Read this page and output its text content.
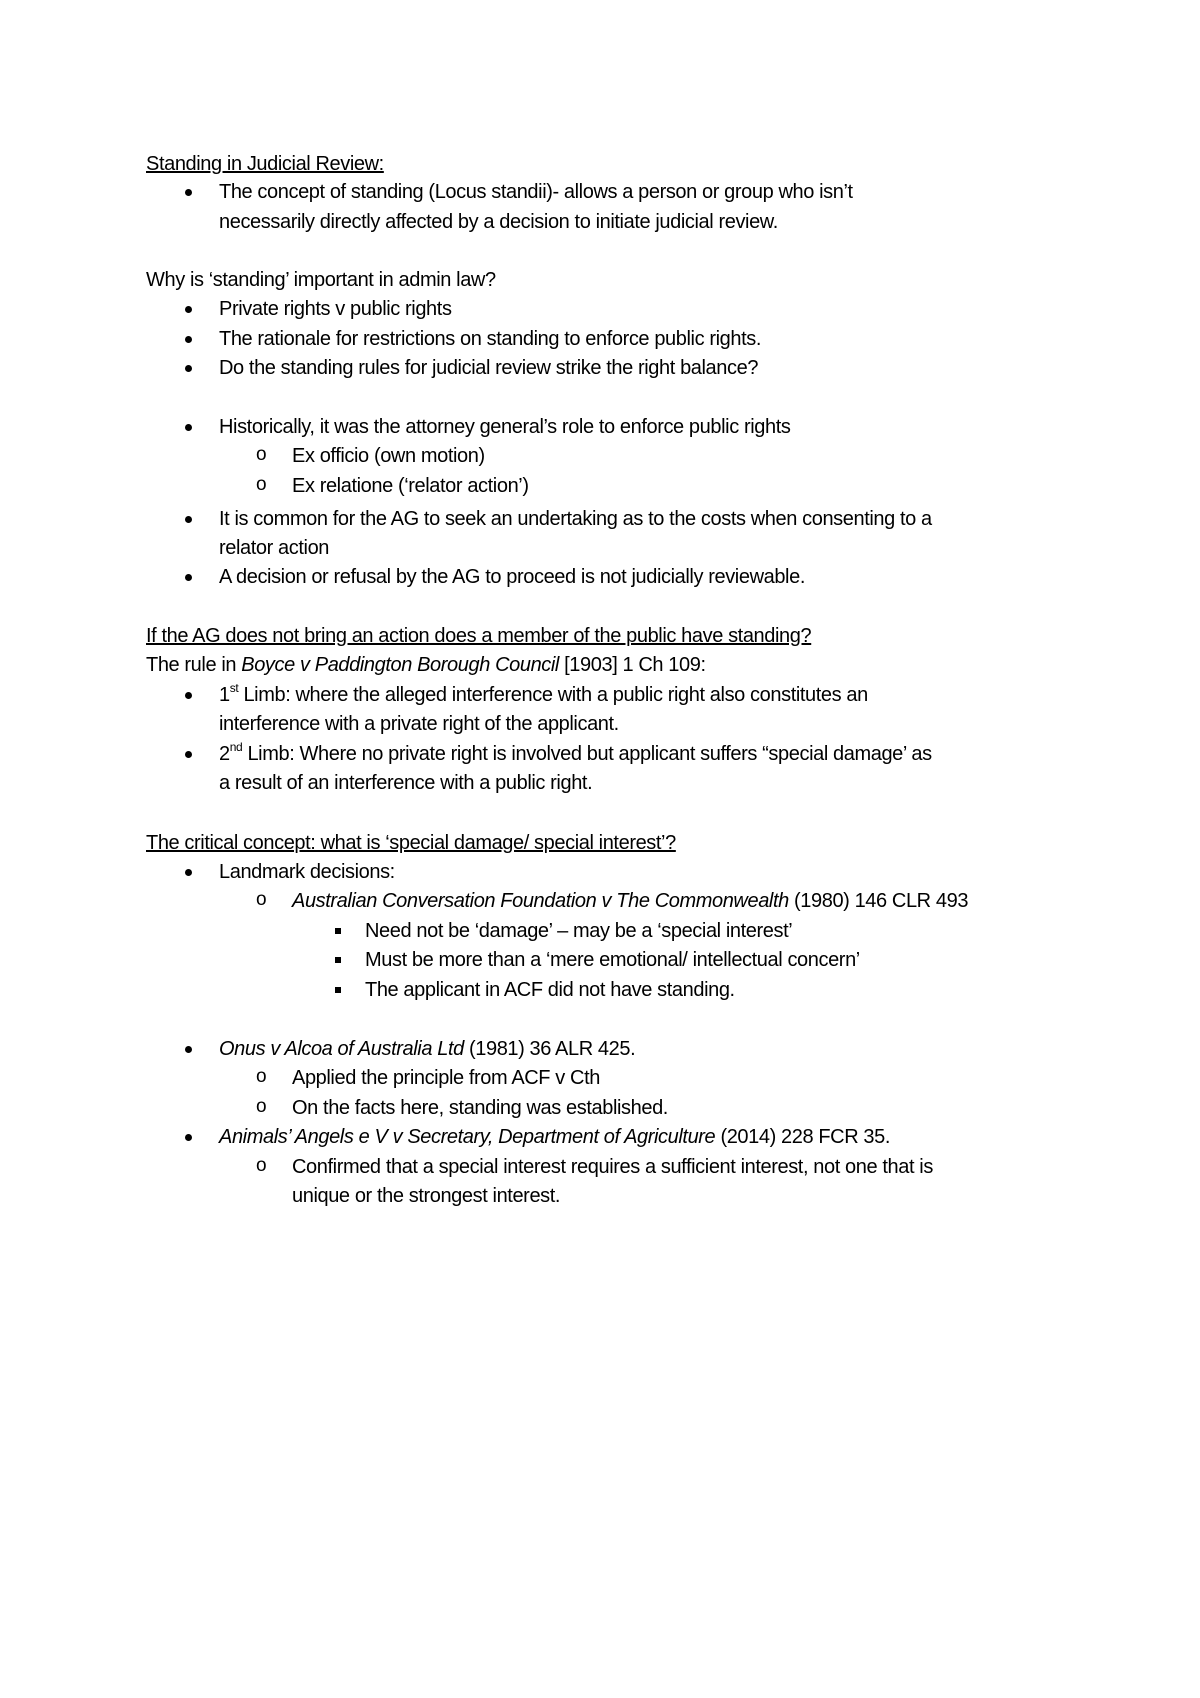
Standing in Judicial Review:
The concept of standing (Locus standii)- allows a person or group who isn’t
necessarily directly affected by a decision to initiate judicial review.
Why is ‘standing’ important in admin law?
Private rights v public rights
The rationale for restrictions on standing to enforce public rights.
Do the standing rules for judicial review strike the right balance?
Historically, it was the attorney general’s role to enforce public rights
o Ex officio (own motion)
o Ex relatione (‘relator action’)
It is common for the AG to seek an undertaking as to the costs when consenting to a
relator action
A decision or refusal by the AG to proceed is not judicially reviewable.
If the AG does not bring an action does a member of the public have standing?
The rule in Boyce v Paddington Borough Council [1903] 1 Ch 109:
1st Limb: where the alleged interference with a public right also constitutes an
interference with a private right of the applicant.
2nd Limb: Where no private right is involved but applicant suffers “special damage’ as
a result of an interference with a public right.
The critical concept: what is ‘special damage/ special interest’?
Landmark decisions:
o Australian Conversation Foundation v The Commonwealth (1980) 146 CLR 493
Need not be ‘damage’ – may be a ‘special interest’
Must be more than a ‘mere emotional/ intellectual concern’
The applicant in ACF did not have standing.
Onus v Alcoa of Australia Ltd (1981) 36 ALR 425.
o Applied the principle from ACF v Cth
o On the facts here, standing was established.
Animals’ Angels e V v Secretary, Department of Agriculture (2014) 228 FCR 35.
o Confirmed that a special interest requires a sufficient interest, not one that is
unique or the strongest interest.
